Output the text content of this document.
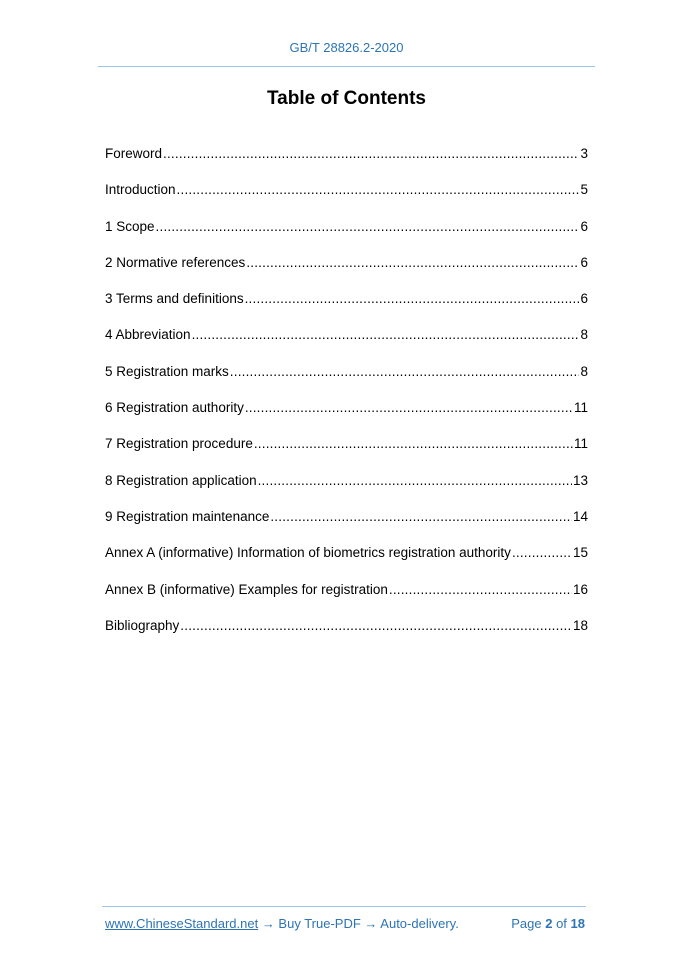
GB/T 28826.2-2020
Table of Contents
Foreword .....	3
Introduction .....	5
1 Scope .....	6
2 Normative references .....	6
3 Terms and definitions .....	6
4 Abbreviation .....	8
5 Registration marks .....	8
6 Registration authority .....	11
7 Registration procedure .....	11
8 Registration application .....	13
9 Registration maintenance .....	14
Annex A (informative) Information of biometrics registration authority .....	15
Annex B (informative) Examples for registration .....	16
Bibliography .....	18
www.ChineseStandard.net → Buy True-PDF → Auto-delivery.	Page 2 of 18
